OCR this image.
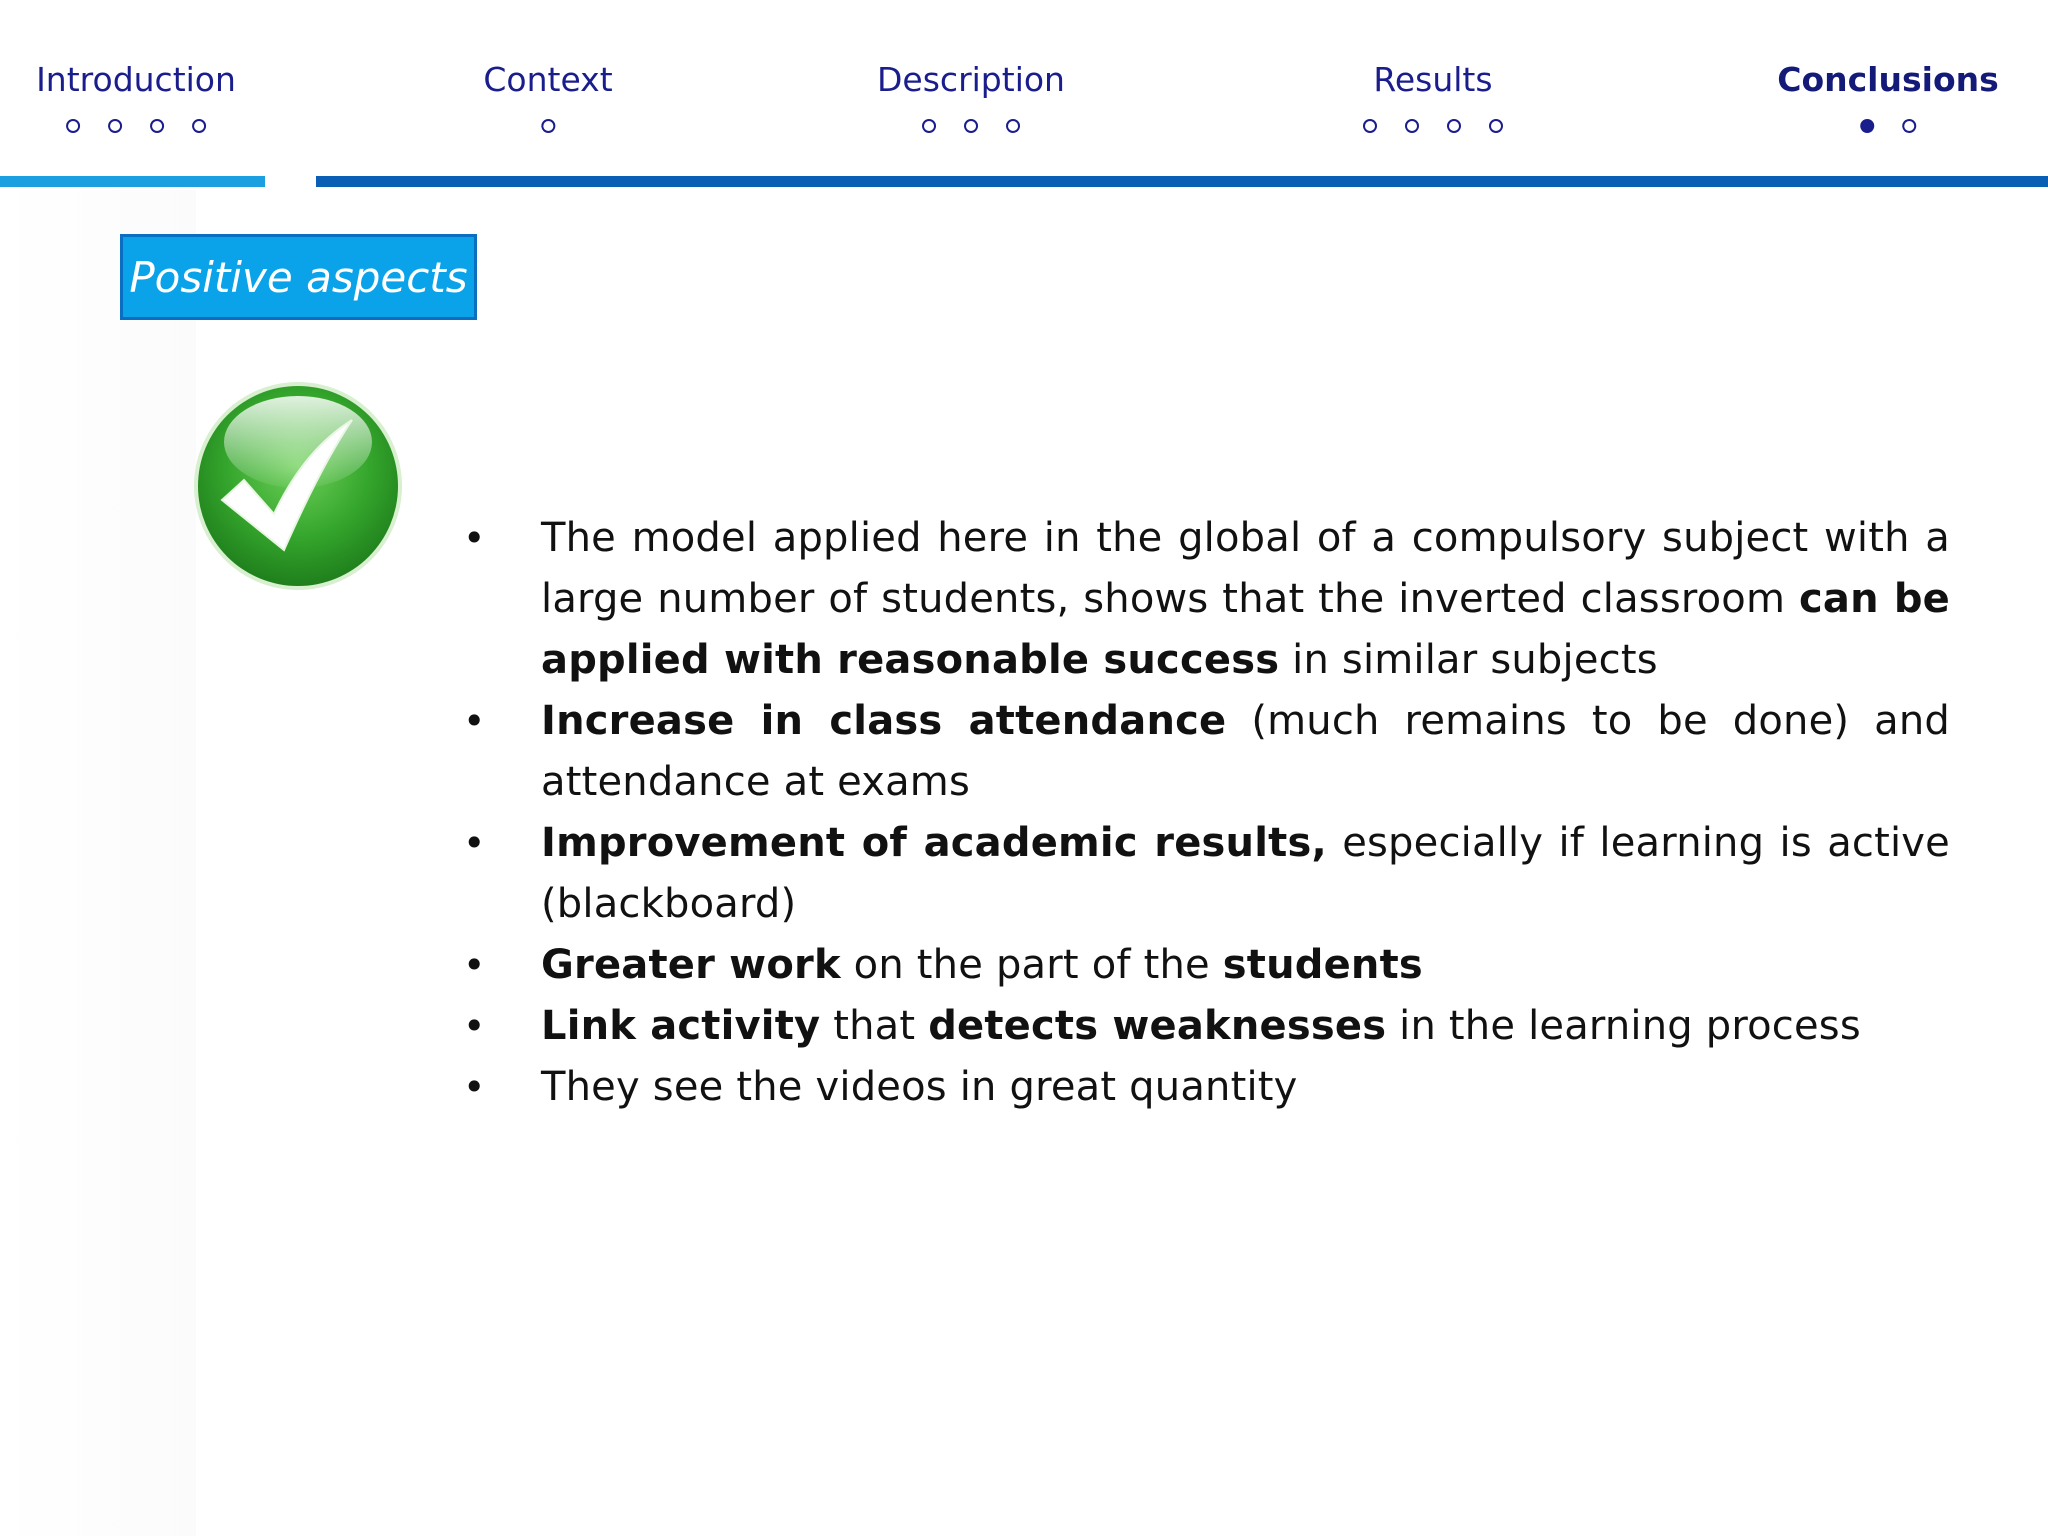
Introduction	Context	Description	Results	Conclusions
Positive aspects
• The model applied here in the global of a compulsory subject with a large number of students, shows that the inverted classroom can be applied with reasonable success in similar subjects
• Increase in class attendance (much remains to be done) and attendance at exams
• Improvement of academic results, especially if learning is active (blackboard)
• Greater work on the part of the students
• Link activity that detects weaknesses in the learning process
• They see the videos in great quantity
